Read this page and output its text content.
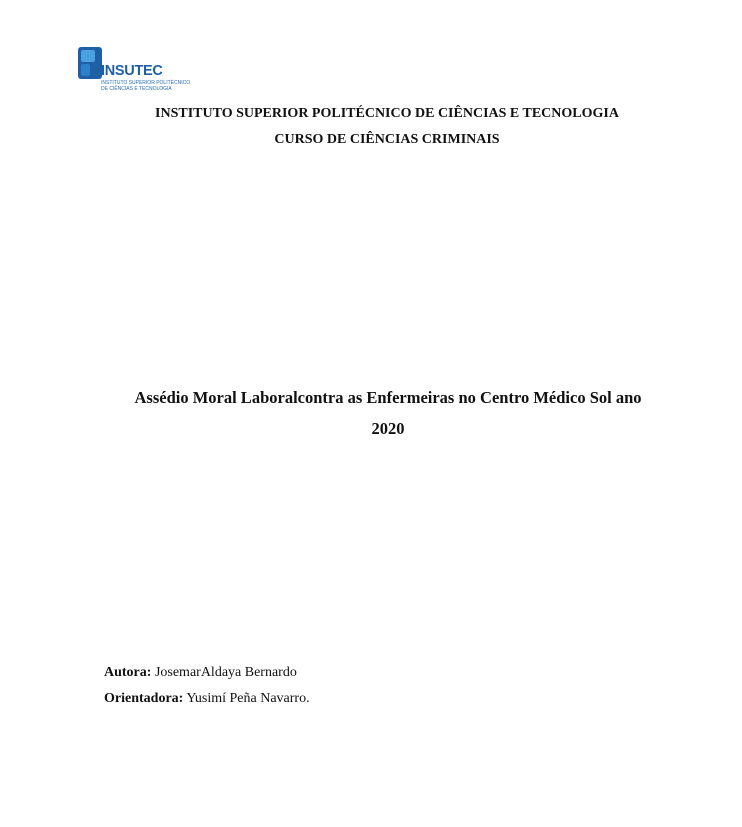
INSUTEC
INSTITUTO SUPERIOR POLITÉCNICO
DE CIÊNCIAS E TECNOLOGIA
INSTITUTO SUPERIOR POLITÉCNICO DE CIÊNCIAS E TECNOLOGIA
CURSO DE CIÊNCIAS CRIMINAIS
Assédio Moral Laboralcontra as Enfermeiras no Centro Médico Sol ano
2020
Autora: JosemarAldaya Bernardo
Orientadora: Yusimí Peña Navarro.
